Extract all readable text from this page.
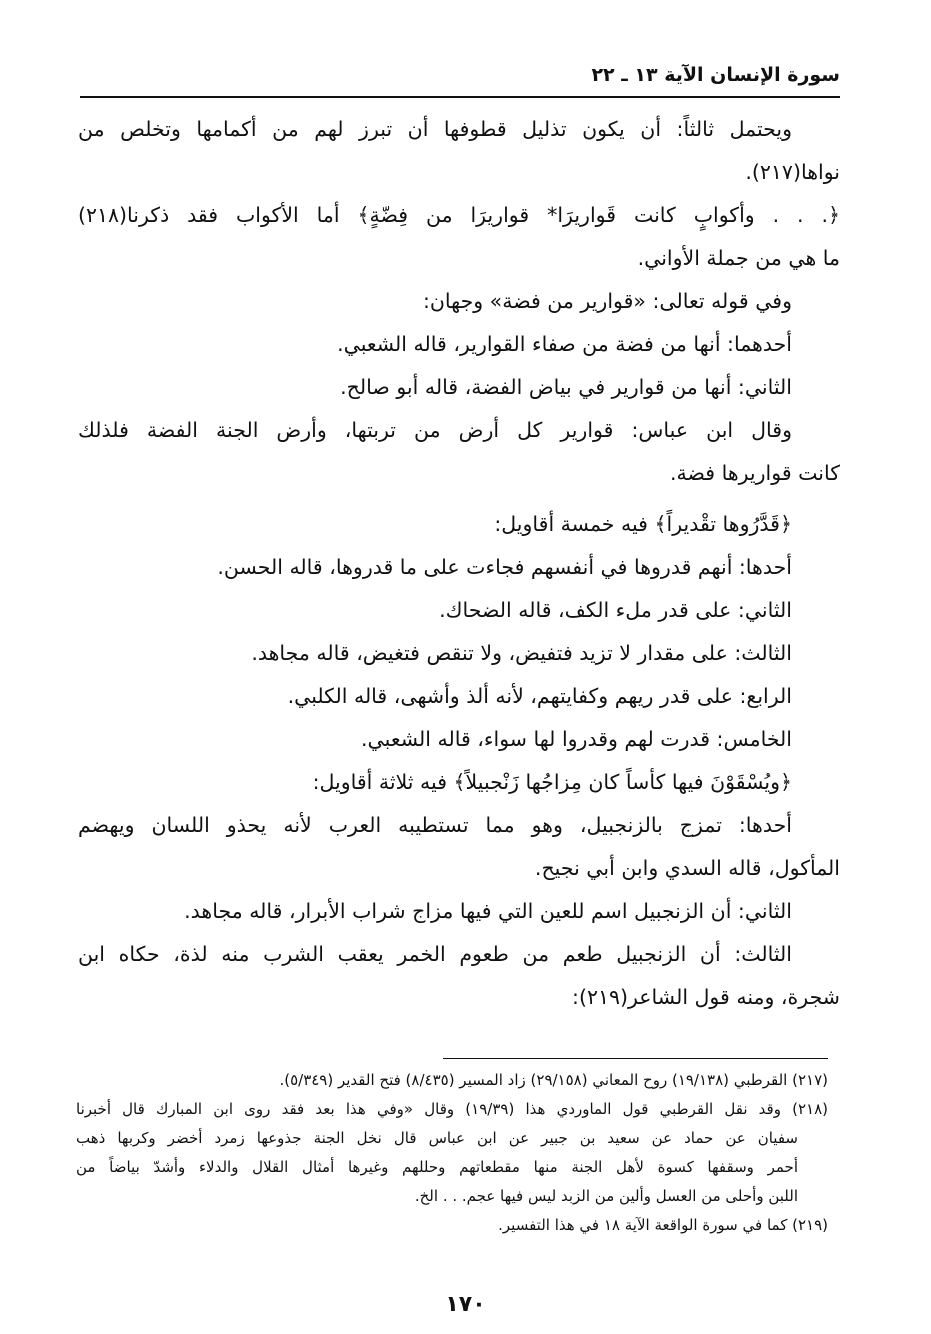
سورة الإنسان الآية ١٣ ـ ٢٢
ويحتمل ثالثاً: أن يكون تذليل قطوفها أن تبرز لهم من أكمامها وتخلص من
نواها(٢١٧).
﴿. . . وأكوابٍ كانت قَواريرَا* قواريرَا من فِضّةٍ﴾ أما الأكواب فقد ذكرنا(٢١٨)
ما هي من جملة الأواني.
وفي قوله تعالى: «قوارير من فضة» وجهان:
أحدهما: أنها من فضة من صفاء القوارير، قاله الشعبي.
الثاني: أنها من قوارير في بياض الفضة، قاله أبو صالح.
وقال ابن عباس: قوارير كل أرض من تربتها، وأرض الجنة الفضة فلذلك
كانت قواريرها فضة.
﴿قَدَّرُوها تقْديراً﴾ فيه خمسة أقاويل:
أحدها: أنهم قدروها في أنفسهم فجاءت على ما قدروها، قاله الحسن.
الثاني: على قدر ملء الكف، قاله الضحاك.
الثالث: على مقدار لا تزيد فتفيض، ولا تنقص فتغيض، قاله مجاهد.
الرابع: على قدر ريهم وكفايتهم، لأنه ألذ وأشهى، قاله الكلبي.
الخامس: قدرت لهم وقدروا لها سواء، قاله الشعبي.
﴿ويُسْقَوْنَ فيها كأساً كان مِزاجُها زَنْجبيلاً﴾ فيه ثلاثة أقاويل:
أحدها: تمزج بالزنجبيل، وهو مما تستطيبه العرب لأنه يحذو اللسان ويهضم
المأكول، قاله السدي وابن أبي نجيح.
الثاني: أن الزنجبيل اسم للعين التي فيها مزاج شراب الأبرار، قاله مجاهد.
الثالث: أن الزنجبيل طعم من طعوم الخمر يعقب الشرب منه لذة، حكاه ابن
شجرة، ومنه قول الشاعر(٢١٩):
(٢١٧) القرطبي (١٩/١٣٨) روح المعاني (٢٩/١٥٨) زاد المسير (٨/٤٣٥) فتح القدير (٥/٣٤٩).
(٢١٨) وقد نقل القرطبي قول الماوردي هذا (١٩/٣٩) وقال «وفي هذا بعد فقد روى ابن المبارك قال أخبرنا
سفيان عن حماد عن سعيد بن جبير عن ابن عباس قال نخل الجنة جذوعها زمرد أخضر وكربها ذهب
أحمر وسقفها كسوة لأهل الجنة منها مقطعاتهم وحللهم وغيرها أمثال القلال والدلاء وأشدّ بياضاً من
اللبن وأحلى من العسل وألين من الزبد ليس فيها عجم. . . الخ.
(٢١٩) كما في سورة الواقعة الآية ١٨ في هذا التفسير.
١٧٠
